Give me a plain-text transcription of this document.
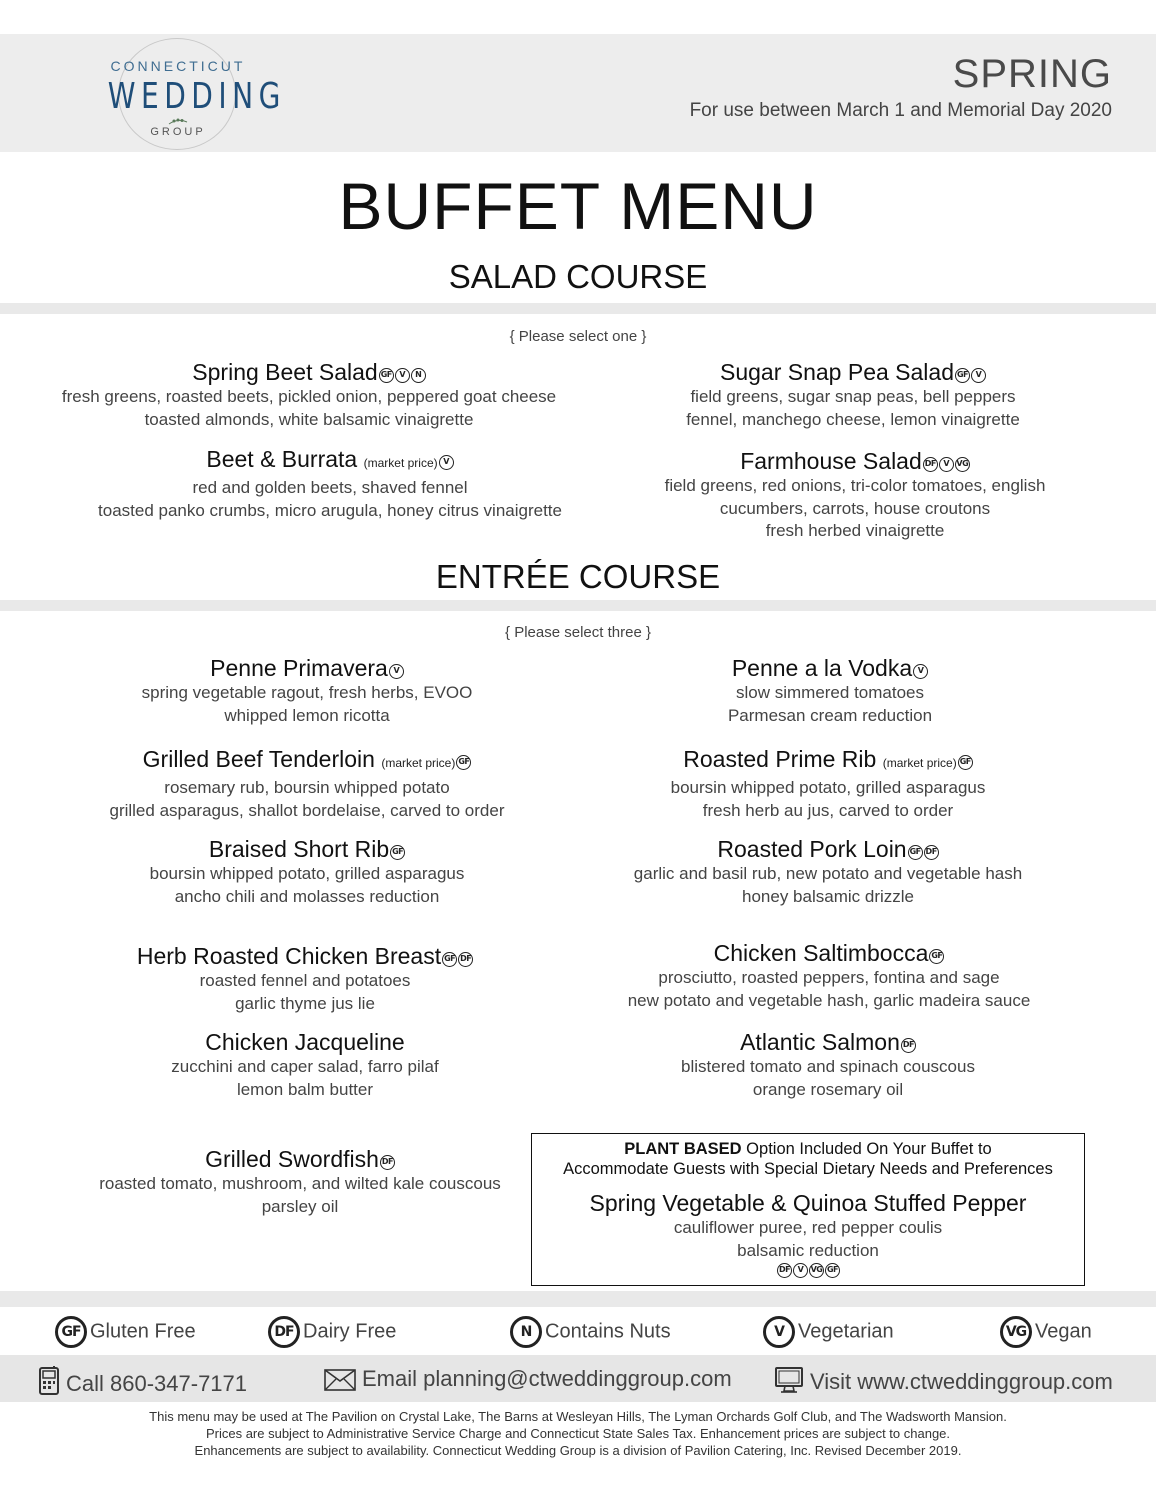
CONNECTICUT
WEDDING
GROUP
SPRING
For use between March 1 and Memorial Day 2020
BUFFET MENU
SALAD COURSE
{ Please select one }
Spring Beet Salad GF V N
fresh greens, roasted beets, pickled onion, peppered goat cheese
toasted almonds, white balsamic vinaigrette
Sugar Snap Pea Salad GF V
field greens, sugar snap peas, bell peppers
fennel, manchego cheese, lemon vinaigrette
Beet & Burrata (market price) V
red and golden beets, shaved fennel
toasted panko crumbs, micro arugula, honey citrus vinaigrette
Farmhouse Salad DF V VG
field greens, red onions, tri-color tomatoes, english
cucumbers, carrots, house croutons
fresh herbed vinaigrette
ENTRÉE COURSE
{ Please select three }
Penne Primavera V
spring vegetable ragout, fresh herbs, EVOO
whipped lemon ricotta
Penne a la Vodka V
slow simmered tomatoes
Parmesan cream reduction
Grilled Beef Tenderloin (market price) GF
rosemary rub, boursin whipped potato
grilled asparagus, shallot bordelaise, carved to order
Roasted Prime Rib (market price) GF
boursin whipped potato, grilled asparagus
fresh herb au jus, carved to order
Braised Short Rib GF
boursin whipped potato, grilled asparagus
ancho chili and molasses reduction
Roasted Pork Loin GF DF
garlic and basil rub, new potato and vegetable hash
honey balsamic drizzle
Herb Roasted Chicken Breast GF DF
roasted fennel and potatoes
garlic thyme jus lie
Chicken Saltimbocca GF
prosciutto, roasted peppers, fontina and sage
new potato and vegetable hash, garlic madeira sauce
Chicken Jacqueline
zucchini and caper salad, farro pilaf
lemon balm butter
Atlantic Salmon DF
blistered tomato and spinach couscous
orange rosemary oil
Grilled Swordfish DF
roasted tomato, mushroom, and wilted kale couscous
parsley oil
PLANT BASED Option Included On Your Buffet to
Accommodate Guests with Special Dietary Needs and Preferences
Spring Vegetable & Quinoa Stuffed Pepper
cauliflower puree, red pepper coulis
balsamic reduction
DF V VG GF
GF Gluten Free	DF Dairy Free	N Contains Nuts	V Vegetarian	VG Vegan
Call 860-347-7171	Email planning@ctweddinggroup.com	Visit www.ctweddinggroup.com
This menu may be used at The Pavilion on Crystal Lake, The Barns at Wesleyan Hills, The Lyman Orchards Golf Club, and The Wadsworth Mansion.
Prices are subject to Administrative Service Charge and Connecticut State Sales Tax. Enhancement prices are subject to change.
Enhancements are subject to availability. Connecticut Wedding Group is a division of Pavilion Catering, Inc. Revised December 2019.
